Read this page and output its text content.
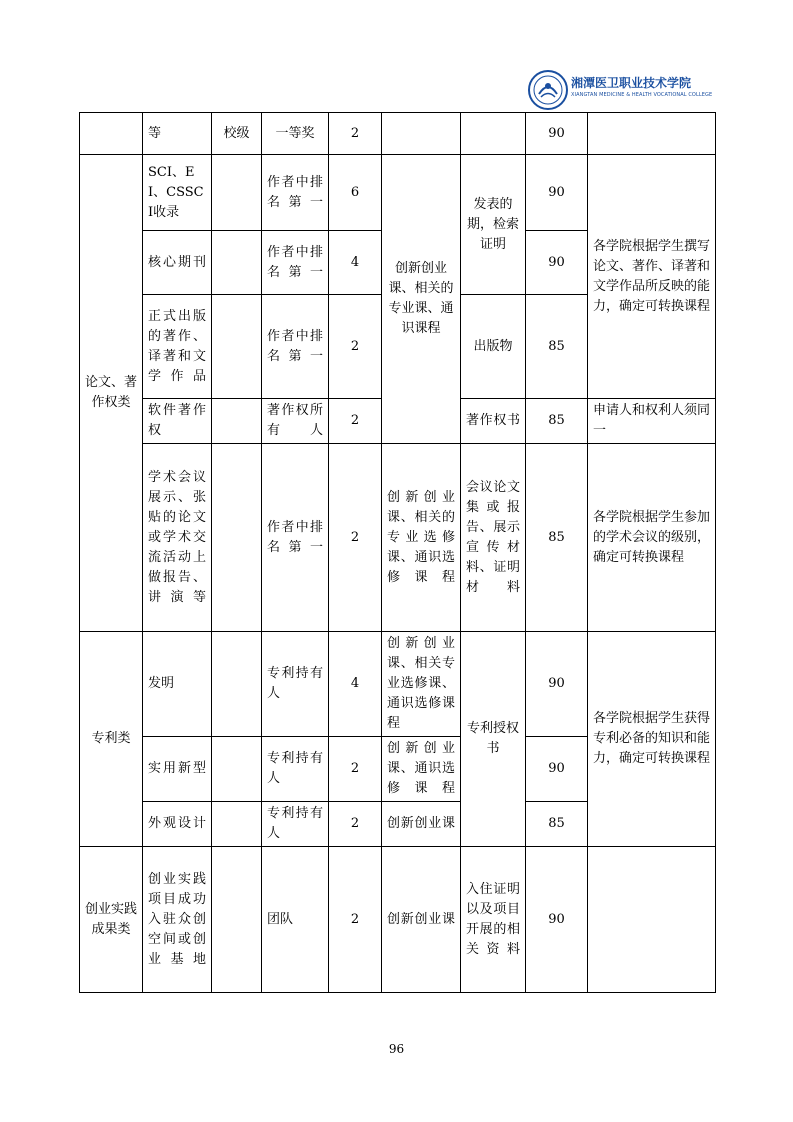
湘潭医卫职业技术学院
XIANGTAN MEDICINE & HEALTH VOCATIONAL COLLEGE
	等	校级	一等奖	2			90	
论文、著作权类	SCI、EI、CSSCI收录		作者中排名第一	6	创新创业课、相关的专业课、通识课程	发表的期，检索证明	90	各学院根据学生撰写论文、著作、译著和文学作品所反映的能力，确定可转换课程
	核心期刊		作者中排名第一	4			90	
	正式出版的著作、译著和文学作品		作者中排名第一	2		出版物	85	
	软件著作权		著作权所有人	2		著作权书	85	申请人和权利人须同一
	学术会议展示、张贴的论文或学术交流活动上做报告、讲演等		作者中排名第一	2	创新创业课、相关的专业选修课、通识选修课程	会议论文集或报告、展示宣传材料、证明材料	85	各学院根据学生参加的学术会议的级别，确定可转换课程
专利类	发明		专利持有人	4	创新创业课、相关专业选修课、通识选修课程	专利授权书	90	各学院根据学生获得专利必备的知识和能力，确定可转换课程
	实用新型		专利持有人	2	创新创业课、通识选修课程		90	
	外观设计		专利持有人	2	创新创业课		85	
创业实践成果类	创业实践项目成功入驻众创空间或创业基地		团队	2	创新创业课	入住证明以及项目开展的相关资料	90	
96
